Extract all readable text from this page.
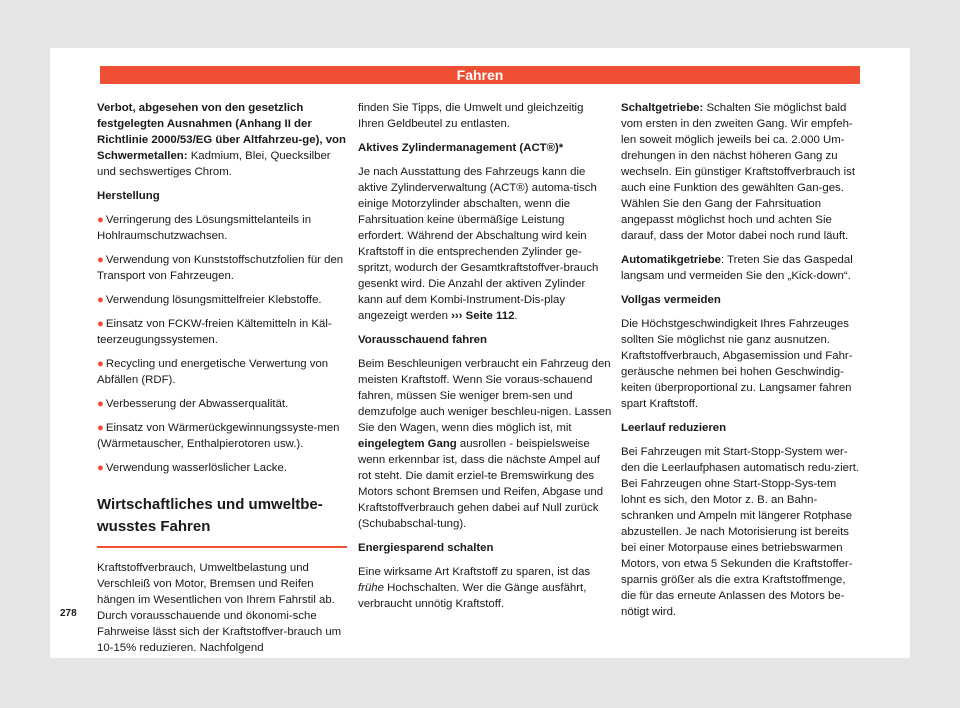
Fahren

Verbot, abgesehen von den gesetzlich festgelegten Ausnahmen (Anhang II der Richtlinie 2000/53/EG über Altfahrzeu-ge), von Schwermetallen: Kadmium, Blei, Quecksilber und sechswertiges Chrom.

Herstellung

● Verringerung des Lösungsmittelanteils in Hohlraumschutzwachsen.

● Verwendung von Kunststoffschutzfolien für den Transport von Fahrzeugen.

● Verwendung lösungsmittelfreier Klebstoffe.

● Einsatz von FCKW-freien Kältemitteln in Käl-teerzeugungssystemen.

● Recycling und energetische Verwertung von Abfällen (RDF).

● Verbesserung der Abwasserqualität.

● Einsatz von Wärmerückgewinnungssyste-men (Wärmetauscher, Enthalpierotoren usw.).

● Verwendung wasserlöslicher Lacke.

Wirtschaftliches und umweltbe-wusstes Fahren

Kraftstoffverbrauch, Umweltbelastung und Verschleiß von Motor, Bremsen und Reifen hängen im Wesentlichen von Ihrem Fahrstil ab. Durch vorausschauende und ökonomi-sche Fahrweise lässt sich der Kraftstoffver-brauch um 10-15% reduzieren. Nachfolgend

finden Sie Tipps, die Umwelt und gleichzeitig Ihren Geldbeutel zu entlasten.

Aktives Zylindermanagement (ACT®)*

Je nach Ausstattung des Fahrzeugs kann die aktive Zylinderverwaltung (ACT®) automa-tisch einige Motorzylinder abschalten, wenn die Fahrsituation keine übermäßige Leistung erfordert. Während der Abschaltung wird kein Kraftstoff in die entsprechenden Zylinder ge-spritzt, wodurch der Gesamtkraftstoffver-brauch gesenkt wird. Die Anzahl der aktiven Zylinder kann auf dem Kombi-Instrument-Dis-play angezeigt werden ››› Seite 112.

Vorausschauend fahren

Beim Beschleunigen verbraucht ein Fahrzeug den meisten Kraftstoff. Wenn Sie voraus-schauend fahren, müssen Sie weniger brem-sen und demzufolge auch weniger beschleu-nigen. Lassen Sie den Wagen, wenn dies möglich ist, mit eingelegtem Gang ausrollen - beispielsweise wenn erkennbar ist, dass die nächste Ampel auf rot steht. Die damit erziel-te Bremswirkung des Motors schont Bremsen und Reifen, Abgase und Kraftstoffverbrauch gehen dabei auf Null zurück (Schubabschal-tung).

Energiesparend schalten

Eine wirksame Art Kraftstoff zu sparen, ist das frühe Hochschalten. Wer die Gänge ausfährt, verbraucht unnötig Kraftstoff.

Schaltgetriebe: Schalten Sie möglichst bald vom ersten in den zweiten Gang. Wir empfeh-len soweit möglich jeweils bei ca. 2.000 Um-drehungen in den nächst höheren Gang zu wechseln. Ein günstiger Kraftstoffverbrauch ist auch eine Funktion des gewählten Gan-ges. Wählen Sie den Gang der Fahrsituation angepasst möglichst hoch und achten Sie darauf, dass der Motor dabei noch rund läuft.

Automatikgetriebe: Treten Sie das Gaspedal langsam und vermeiden Sie den „Kick-down“.

Vollgas vermeiden

Die Höchstgeschwindigkeit Ihres Fahrzeuges sollten Sie möglichst nie ganz ausnutzen. Kraftstoffverbrauch, Abgasemission und Fahr-geräusche nehmen bei hohen Geschwindig-keiten überproportional zu. Langsamer fahren spart Kraftstoff.

Leerlauf reduzieren

Bei Fahrzeugen mit Start-Stopp-System wer-den die Leerlaufphasen automatisch redu-ziert. Bei Fahrzeugen ohne Start-Stopp-Sys-tem lohnt es sich, den Motor z. B. an Bahn-schranken und Ampeln mit längerer Rotphase abzustellen. Je nach Motorisierung ist bereits bei einer Motorpause eines betriebswarmen Motors, von etwa 5 Sekunden die Kraftstoffer-sparnis größer als die extra Kraftstoffmenge, die für das erneute Anlassen des Motors be-nötigt wird.

278
